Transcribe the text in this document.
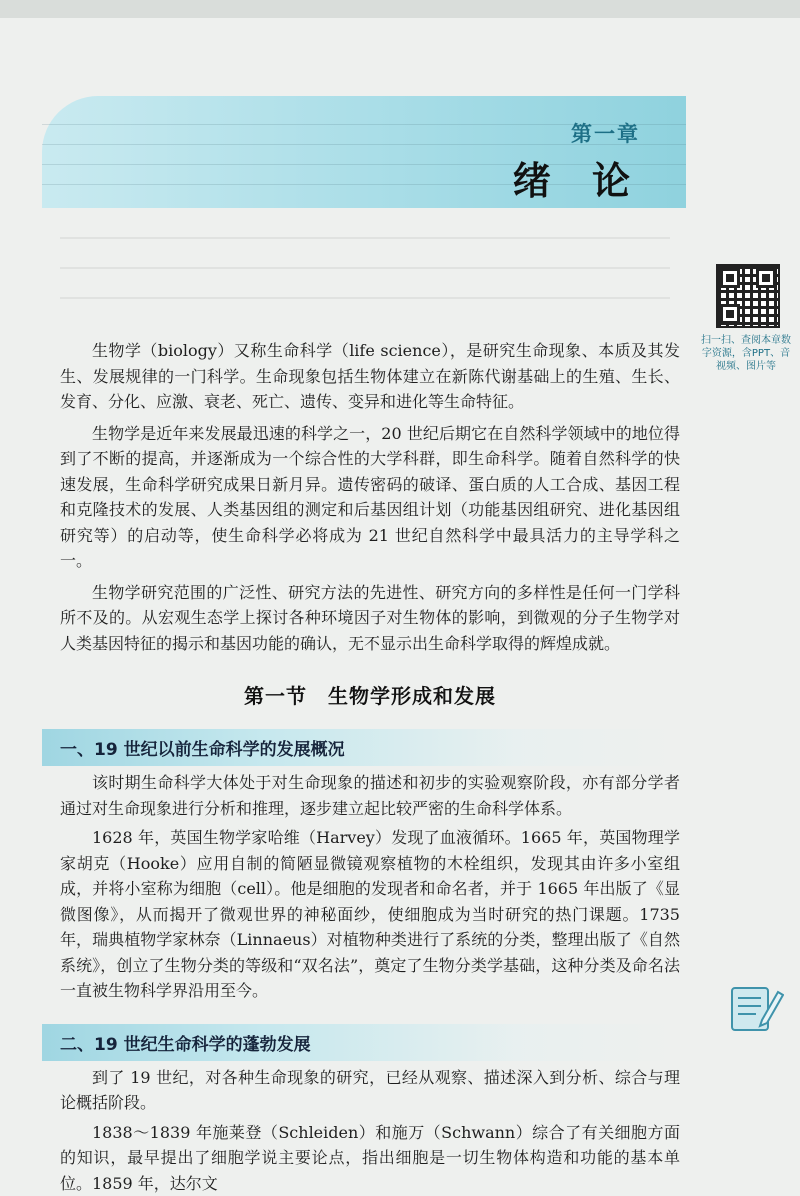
第一章
绪 论
扫一扫、查阅本章数字资源，含PPT、音视频、图片等

生物学（biology）又称生命科学（life science），是研究生命现象、本质及其发生、发展规律的一门科学。生命现象包括生物体建立在新陈代谢基础上的生殖、生长、发育、分化、应激、衰老、死亡、遗传、变异和进化等生命特征。

生物学是近年来发展最迅速的科学之一，20 世纪后期它在自然科学领域中的地位得到了不断的提高，并逐渐成为一个综合性的大学科群，即生命科学。随着自然科学的快速发展，生命科学研究成果日新月异。遗传密码的破译、蛋白质的人工合成、基因工程和克隆技术的发展、人类基因组的测定和后基因组计划（功能基因组研究、进化基因组研究等）的启动等，使生命科学必将成为 21 世纪自然科学中最具活力的主导学科之一。

生物学研究范围的广泛性、研究方法的先进性、研究方向的多样性是任何一门学科所不及的。从宏观生态学上探讨各种环境因子对生物体的影响，到微观的分子生物学对人类基因特征的揭示和基因功能的确认，无不显示出生命科学取得的辉煌成就。

第一节　生物学形成和发展
一、19 世纪以前生命科学的发展概况

该时期生命科学大体处于对生命现象的描述和初步的实验观察阶段，亦有部分学者通过对生命现象进行分析和推理，逐步建立起比较严密的生命科学体系。

1628 年，英国生物学家哈维（Harvey）发现了血液循环。1665 年，英国物理学家胡克（Hooke）应用自制的简陋显微镜观察植物的木栓组织，发现其由许多小室组成，并将小室称为细胞（cell）。他是细胞的发现者和命名者，并于 1665 年出版了《显微图像》，从而揭开了微观世界的神秘面纱，使细胞成为当时研究的热门课题。1735 年，瑞典植物学家林奈（Linnaeus）对植物种类进行了系统的分类，整理出版了《自然系统》，创立了生物分类的等级和“双名法”，奠定了生物分类学基础，这种分类及命名法一直被生物科学界沿用至今。

二、19 世纪生命科学的蓬勃发展

到了 19 世纪，对各种生命现象的研究，已经从观察、描述深入到分析、综合与理论概括阶段。

1838～1839 年施莱登（Schleiden）和施万（Schwann）综合了有关细胞方面的知识，最早提出了细胞学说主要论点，指出细胞是一切生物体构造和功能的基本单位。1859 年，达尔文
